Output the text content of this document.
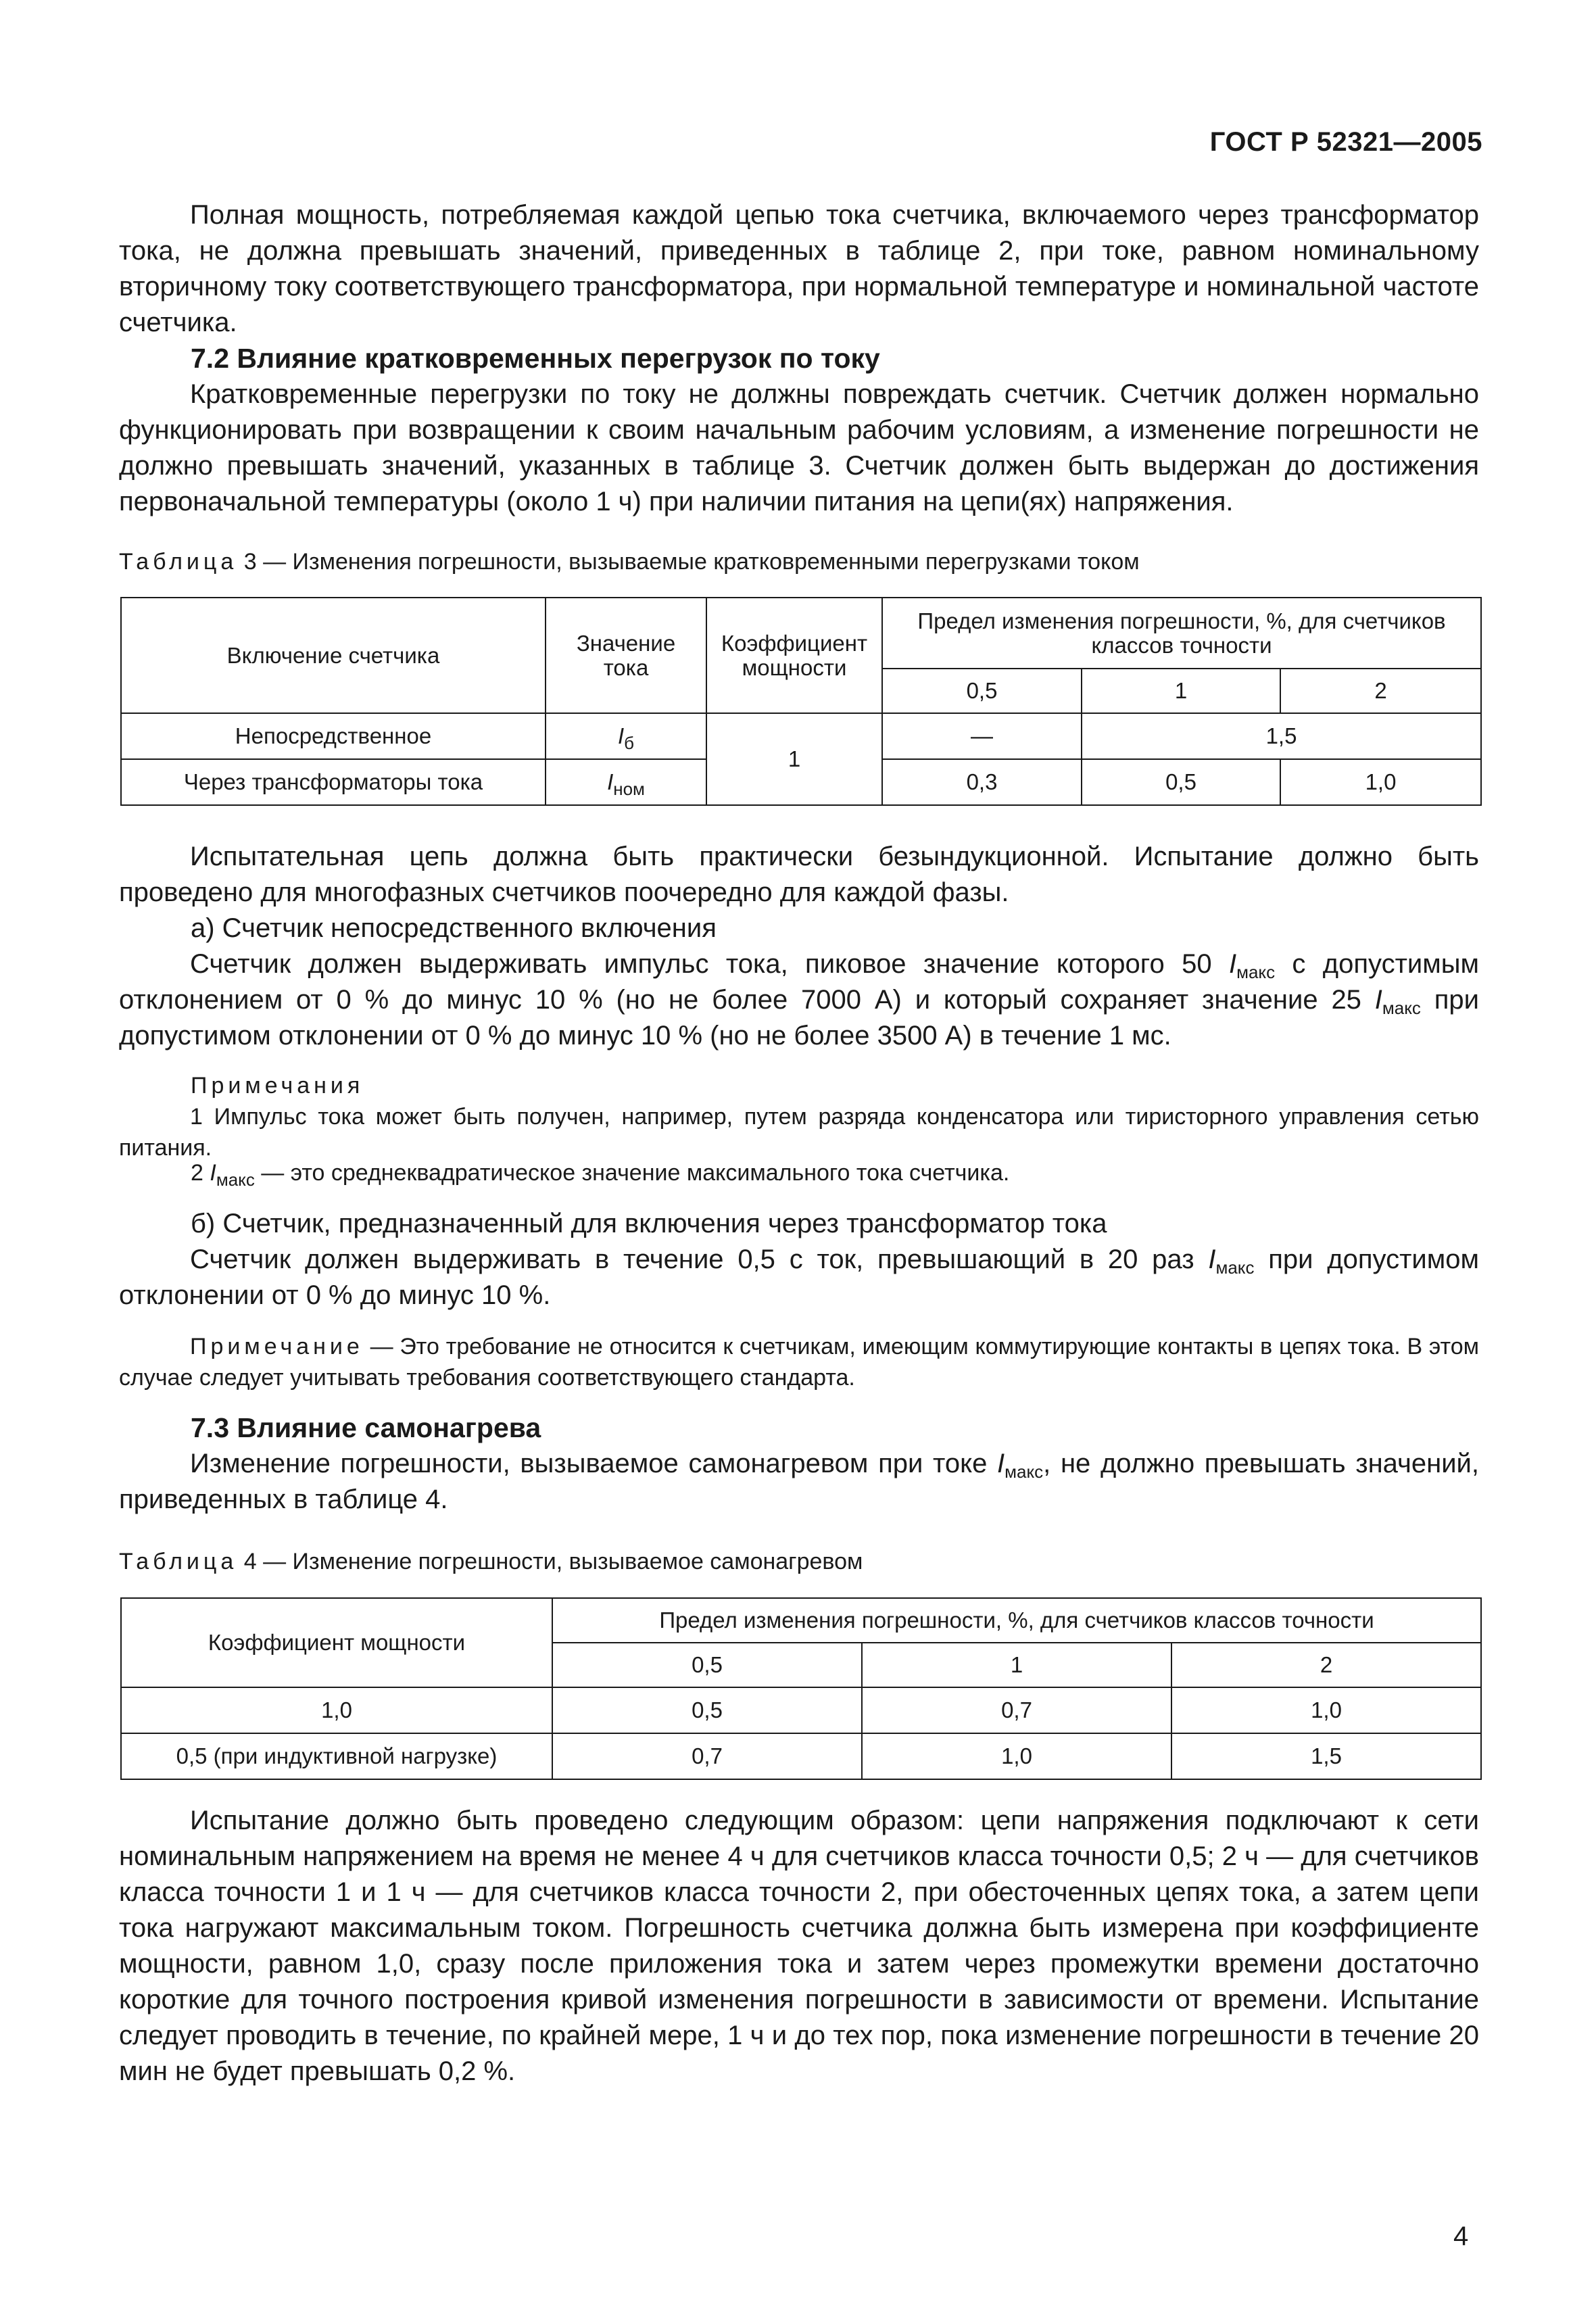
ГОСТ Р 52321—2005
Полная мощность, потребляемая каждой цепью тока счетчика, включаемого через трансформатор тока, не должна превышать значений, приведенных в таблице 2, при токе, равном номинальному вторичному току соответствующего трансформатора, при нормальной температуре и номинальной частоте счетчика.
7.2 Влияние кратковременных перегрузок по току
Кратковременные перегрузки по току не должны повреждать счетчик. Счетчик должен нормально функционировать при возвращении к своим начальным рабочим условиям, а изменение погрешности не должно превышать значений, указанных в таблице 3. Счетчик должен быть выдержан до достижения первоначальной температуры (около 1 ч) при наличии питания на цепи(ях) напряжения.
Таблица 3 — Изменения погрешности, вызываемые кратковременными перегрузками током
Включение счетчика	Значение тока	Коэффициент мощности	Предел изменения погрешности, %, для счетчиков классов точности		
			0,5	1	2
Непосредственное	$I_б$	1	—	1,5	
Через трансформаторы тока	$I_{ном}$		0,3	0,5	1,0
Испытательная цепь должна быть практически безындукционной. Испытание должно быть проведено для многофазных счетчиков поочередно для каждой фазы.
а) Счетчик непосредственного включения
Счетчик должен выдерживать импульс тока, пиковое значение которого 50 $I_{макс}$ с допустимым отклонением от 0 % до минус 10 % (но не более 7000 А) и который сохраняет значение 25 $I_{макс}$ при допустимом отклонении от 0 % до минус 10 % (но не более 3500 А) в течение 1 мс.
Примечания
1 Импульс тока может быть получен, например, путем разряда конденсатора или тиристорного управления сетью питания.
2 $I_{макс}$ — это среднеквадратическое значение максимального тока счетчика.
б) Счетчик, предназначенный для включения через трансформатор тока
Счетчик должен выдерживать в течение 0,5 с ток, превышающий в 20 раз $I_{макс}$ при допустимом отклонении от 0 % до минус 10 %.
Примечание — Это требование не относится к счетчикам, имеющим коммутирующие контакты в цепях тока. В этом случае следует учитывать требования соответствующего стандарта.
7.3 Влияние самонагрева
Изменение погрешности, вызываемое самонагревом при токе $I_{макс}$, не должно превышать значений, приведенных в таблице 4.
Таблица 4 — Изменение погрешности, вызываемое самонагревом
Коэффициент мощности	Предел изменения погрешности, %, для счетчиков классов точности		
	0,5	1	2
1,0	0,5	0,7	1,0
0,5 (при индуктивной нагрузке)	0,7	1,0	1,5
Испытание должно быть проведено следующим образом: цепи напряжения подключают к сети номинальным напряжением на время не менее 4 ч для счетчиков класса точности 0,5; 2 ч — для счетчиков класса точности 1 и 1 ч — для счетчиков класса точности 2, при обесточенных цепях тока, а затем цепи тока нагружают максимальным током. Погрешность счетчика должна быть измерена при коэффициенте мощности, равном 1,0, сразу после приложения тока и затем через промежутки времени достаточно короткие для точного построения кривой изменения погрешности в зависимости от времени. Испытание следует проводить в течение, по крайней мере, 1 ч и до тех пор, пока изменение погрешности в течение 20 мин не будет превышать 0,2 %.
4
